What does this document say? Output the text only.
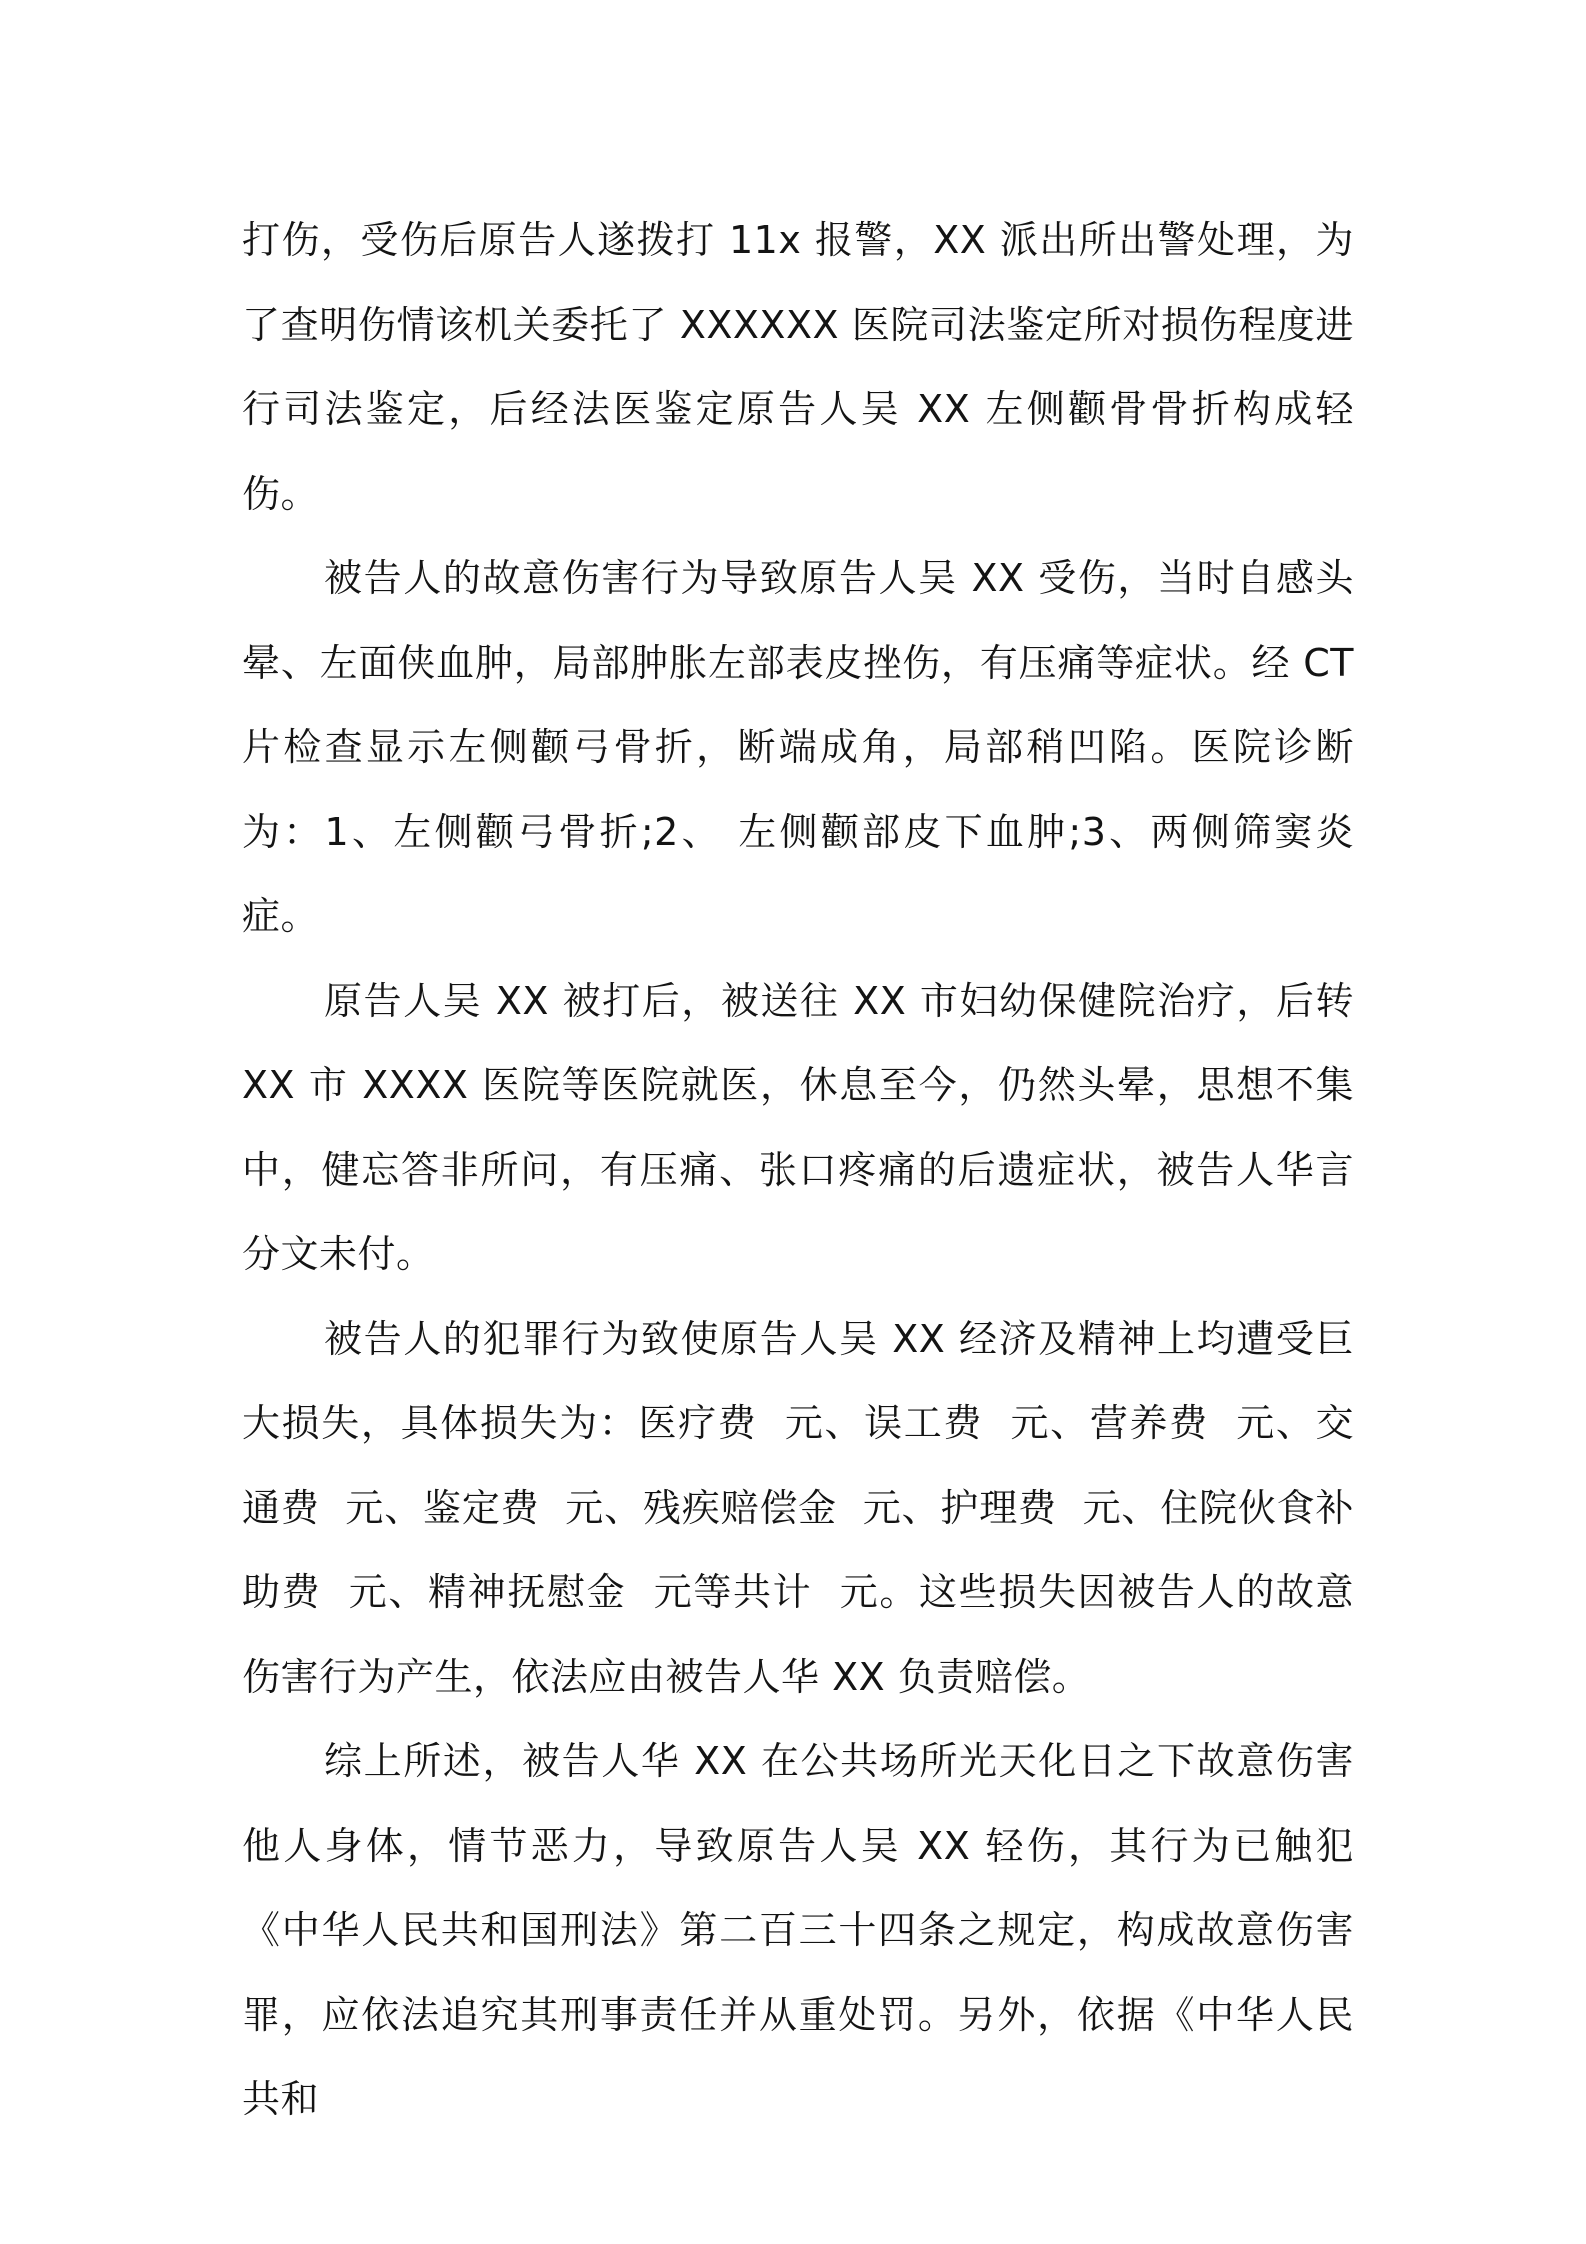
打伤，受伤后原告人遂拨打 11x 报警，XX 派出所出警处理，为了查明伤情该机关委托了 XXXXXX 医院司法鉴定所对损伤程度进行司法鉴定，后经法医鉴定原告人吴 XX 左侧颧骨骨折构成轻伤。

被告人的故意伤害行为导致原告人吴 XX 受伤，当时自感头晕、左面侠血肿，局部肿胀左部表皮挫伤，有压痛等症状。经 CT 片检查显示左侧颧弓骨折，断端成角，局部稍凹陷。医院诊断为：1、左侧颧弓骨折;2、 左侧颧部皮下血肿;3、两侧筛窦炎症。

原告人吴 XX 被打后，被送往 XX 市妇幼保健院治疗，后转 XX 市 XXXX 医院等医院就医，休息至今，仍然头晕，思想不集中，健忘答非所问，有压痛、张口疼痛的后遗症状，被告人华言分文未付。

被告人的犯罪行为致使原告人吴 XX 经济及精神上均遭受巨大损失，具体损失为：医疗费  元、误工费  元、营养费  元、交通费  元、鉴定费  元、残疾赔偿金  元、护理费  元、住院伙食补助费  元、精神抚慰金  元等共计  元。这些损失因被告人的故意伤害行为产生，依法应由被告人华 XX 负责赔偿。

综上所述，被告人华 XX 在公共场所光天化日之下故意伤害他人身体，情节恶力，导致原告人吴 XX 轻伤，其行为已触犯《中华人民共和国刑法》第二百三十四条之规定，构成故意伤害罪，应依法追究其刑事责任并从重处罚。另外，依据《中华人民共和
